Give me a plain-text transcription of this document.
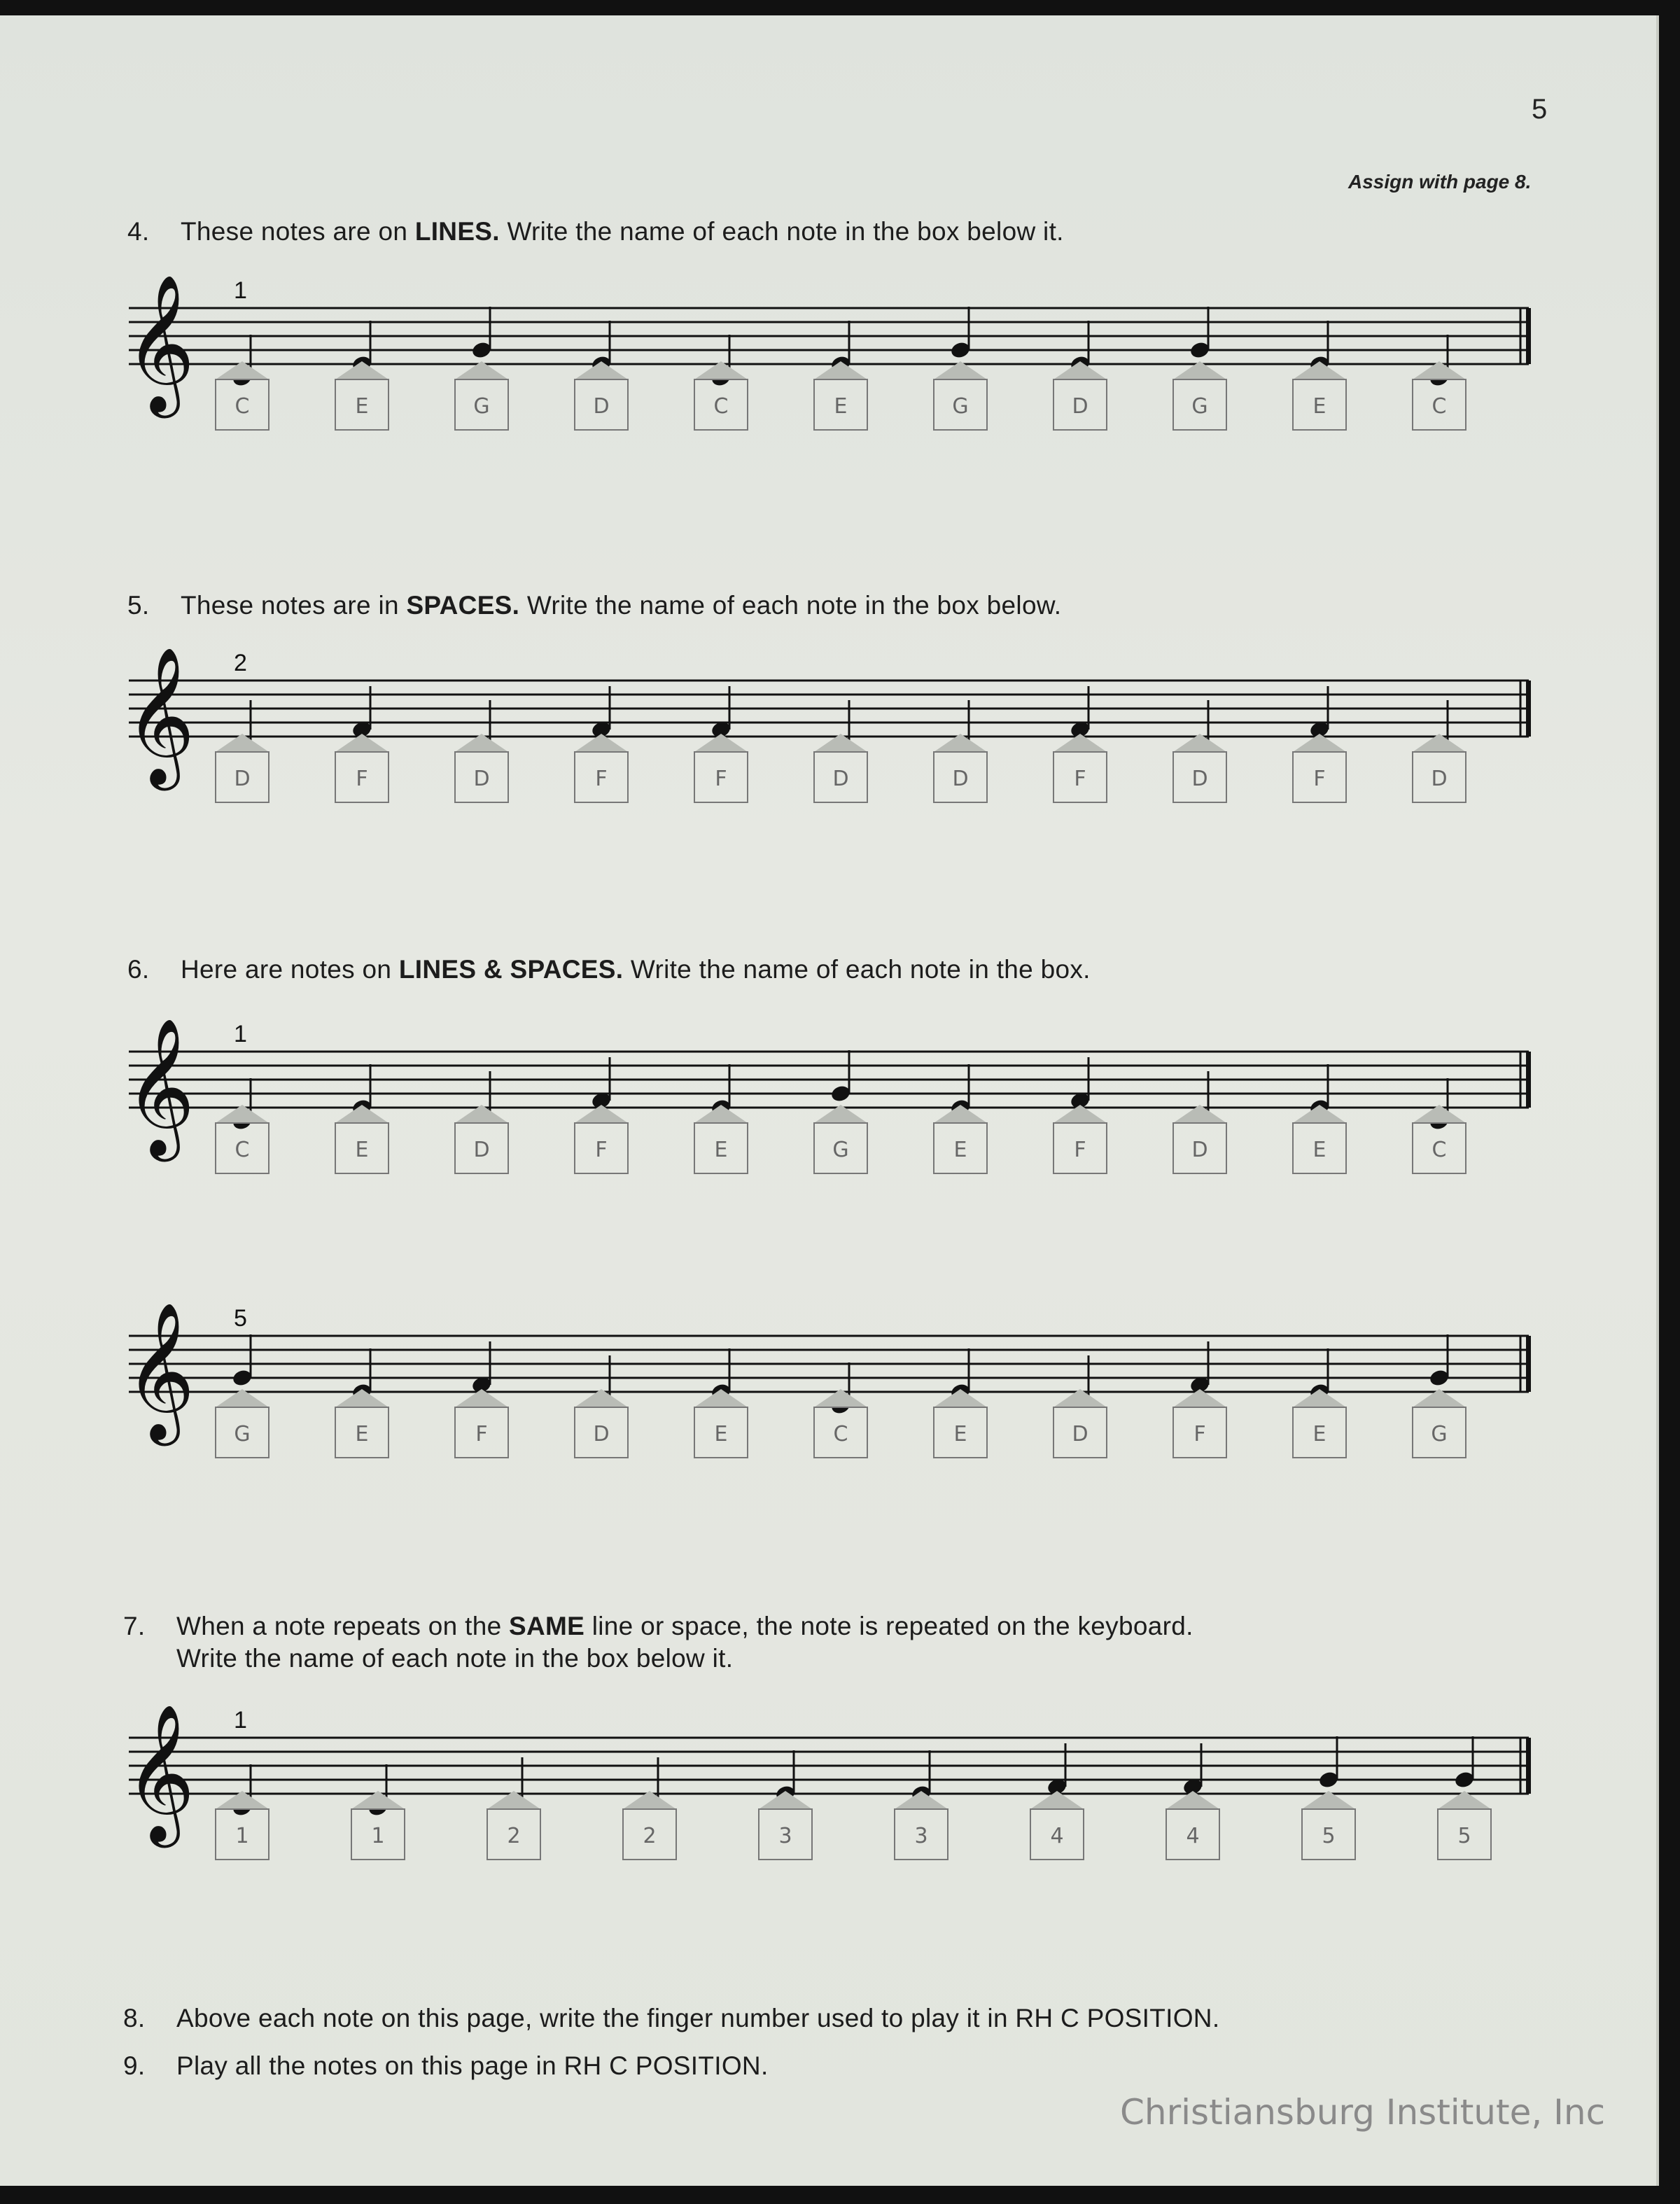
5
Assign with page 8.
4. These notes are on LINES. Write the name of each note in the box below it.
𝄞 1
C	E	G	D	C	E	G	D	G	E	C
5. These notes are in SPACES. Write the name of each note in the box below.
𝄞 2
D	F	D	F	F	D	D	F	D	F	D
6. Here are notes on LINES & SPACES. Write the name of each note in the box.
𝄞 1
C	E	D	F	E	G	E	F	D	E	C
𝄞 5
G	E	F	D	E	C	E	D	F	E	G
7. When a note repeats on the SAME line or space, the note is repeated on the keyboard.
Write the name of each note in the box below it.
𝄞 1
1	1	2	2	3	3	4	4	5	5
8. Above each note on this page, write the finger number used to play it in RH C POSITION.
9. Play all the notes on this page in RH C POSITION.
Christiansburg Institute, Inc
